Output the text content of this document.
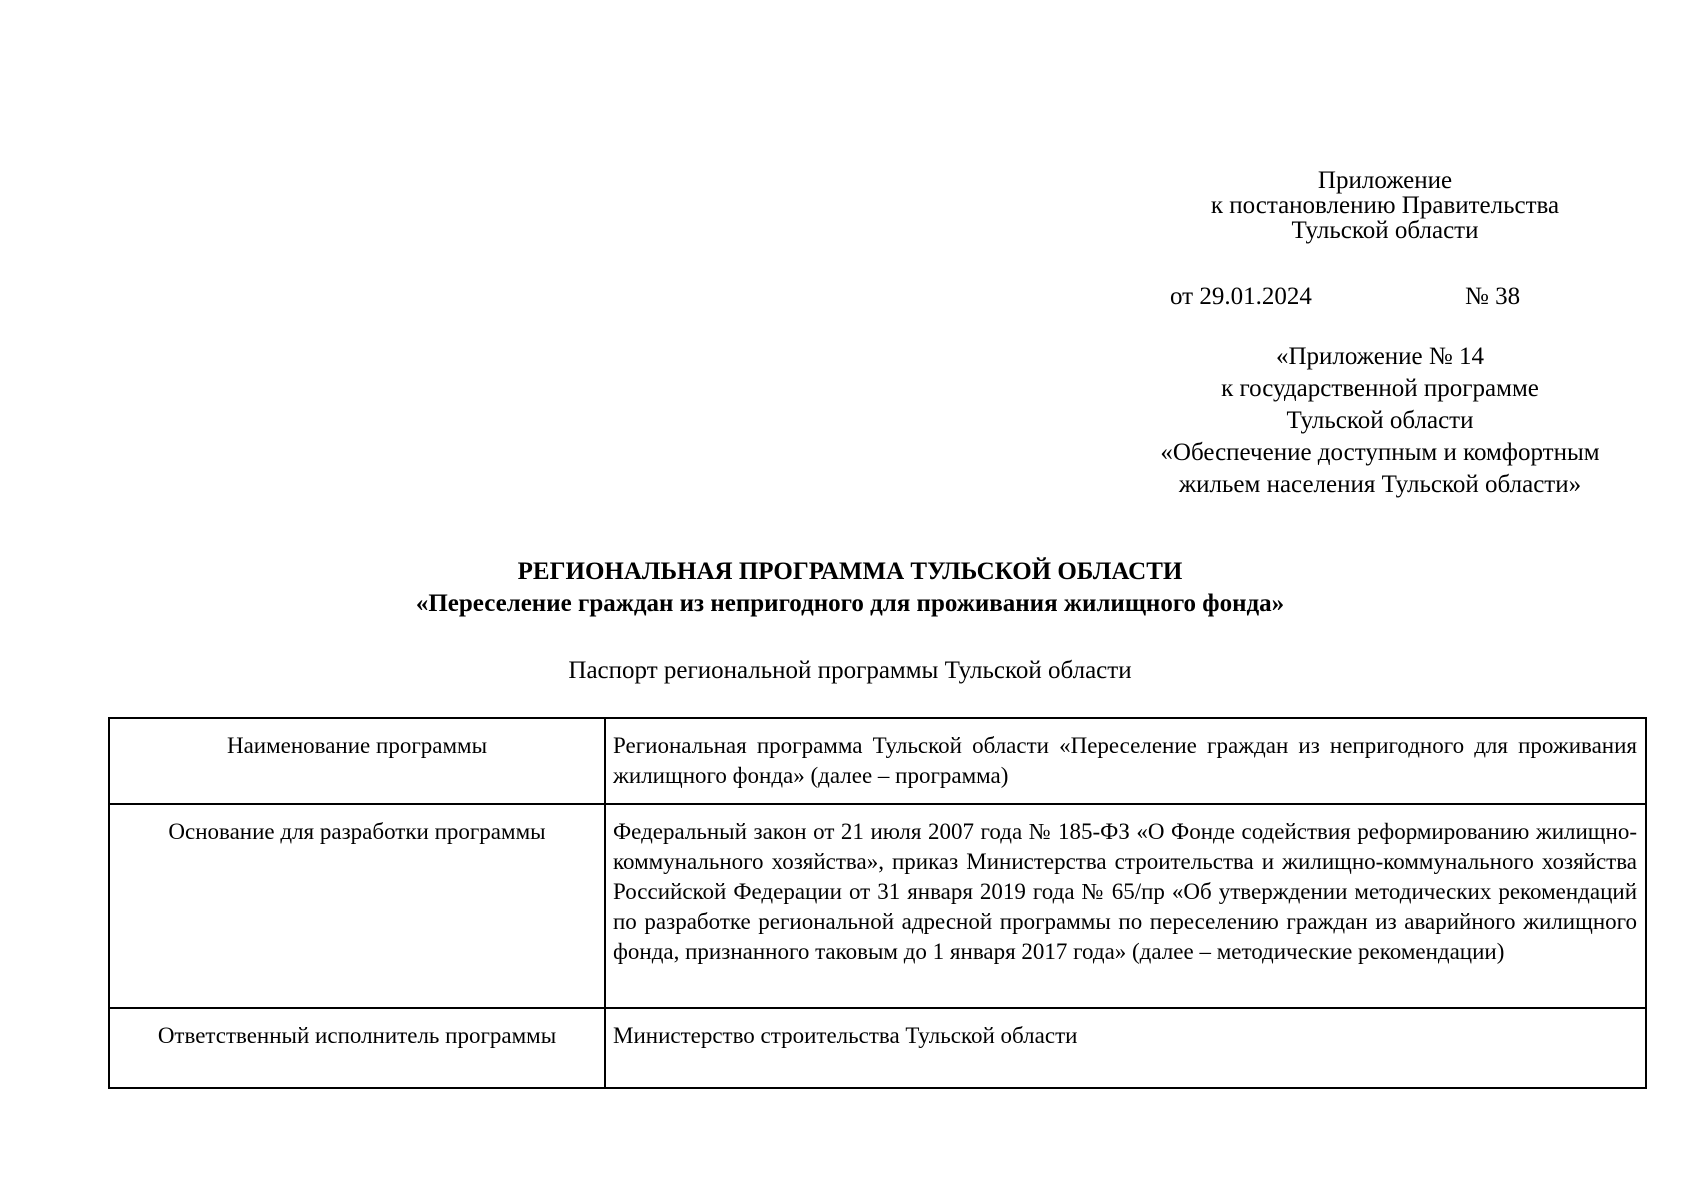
Приложение
к постановлению Правительства
Тульской области
от 29.01.2024	№ 38
«Приложение № 14
к государственной программе
Тульской области
«Обеспечение доступным и комфортным
жильем населения Тульской области»
РЕГИОНАЛЬНАЯ ПРОГРАММА ТУЛЬСКОЙ ОБЛАСТИ
«Переселение граждан из непригодного для проживания жилищного фонда»
Паспорт региональной программы Тульской области
Наименование программы	Региональная программа Тульской области «Переселение граждан из непригодного для проживания жилищного фонда» (далее – программа)
Основание для разработки программы	Федеральный закон от 21 июля 2007 года № 185-ФЗ «О Фонде содействия реформированию жилищно-коммунального хозяйства», приказ Министерства строительства и жилищно-коммунального хозяйства Российской Федерации от 31 января 2019 года № 65/пр «Об утверждении методических рекомендаций по разработке региональной адресной программы по переселению граждан из аварийного жилищного фонда, признанного таковым до 1 января 2017 года» (далее – методические рекомендации)
Ответственный исполнитель программы	Министерство строительства Тульской области
